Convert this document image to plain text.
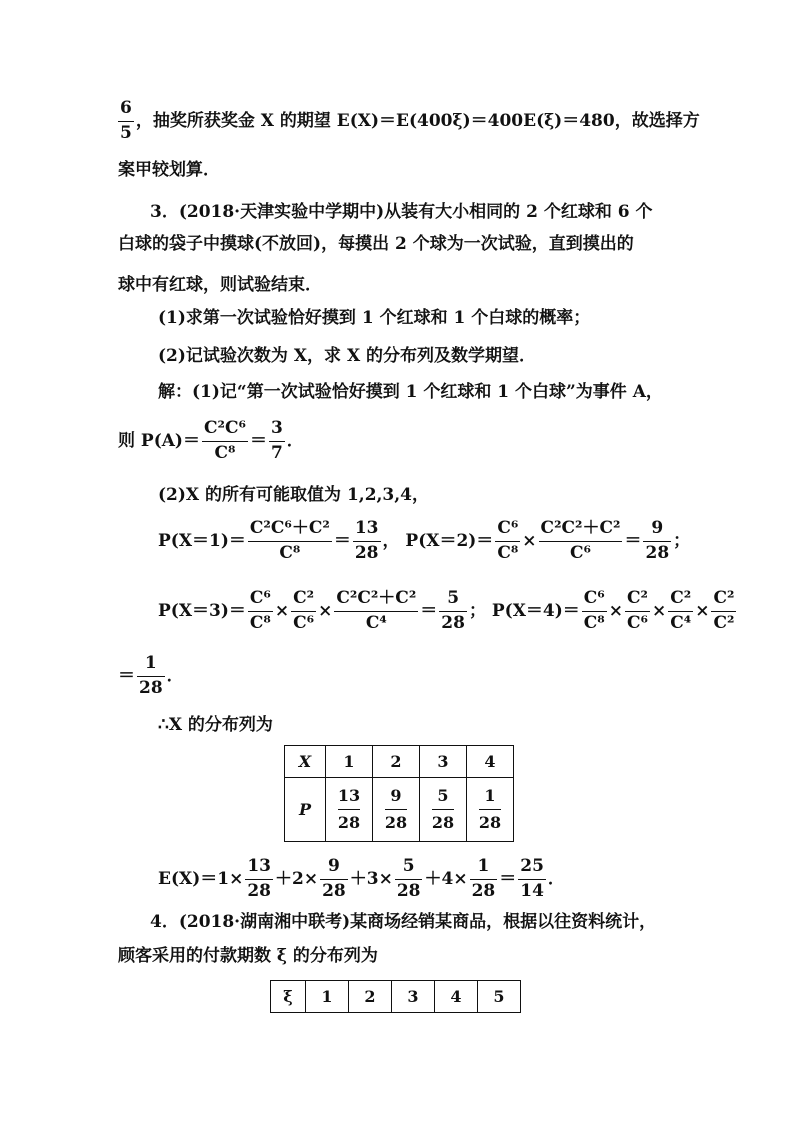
$\frac{6}{5}$ ，抽奖所获奖金 X 的期望 E(X)＝E(400ξ)＝400E(ξ)＝480，故选择方
案甲较划算．
3．(2018·天津实验中学期中)从装有大小相同的 2 个红球和 6 个
白球的袋子中摸球(不放回)，每摸出 2 个球为一次试验，直到摸出的
球中有红球，则试验结束．
(1)求第一次试验恰好摸到 1 个红球和 1 个白球的概率；
(2)记试验次数为 X，求 X 的分布列及数学期望．
解：(1)记“第一次试验恰好摸到 1 个红球和 1 个白球”为事件 A，
则 $P(A)= \frac{\text{C²C⁶}}{\text{C⁸}} = \frac{3}{7}$ ．
(2)X 的所有可能取值为 1,2,3,4，
$P(X=1)= \frac{\text{C²C⁶＋C²}}{\text{C⁸}} = \frac{13}{28}$ ， $P(X=2)= \frac{\text{C⁶}}{\text{C⁸}} \times \frac{\text{C²C²＋C²}}{\text{C⁶}} = \frac{9}{28}$ ；
$P(X=3)= \frac{\text{C⁶}}{\text{C⁸}} \times \frac{\text{C²}}{\text{C⁶}} \times \frac{\text{C²C²＋C²}}{\text{C⁴}} = \frac{5}{28}$ ； $P(X=4)= \frac{\text{C⁶}}{\text{C⁸}} \times \frac{\text{C²}}{\text{C⁶}} \times \frac{\text{C²}}{\text{C⁴}} \times \frac{\text{C²}}{\text{C²}}$
＝ $\frac{1}{28}$ ．
∴X 的分布列为
X	1	2	3	4
P	$\frac{13}{28}$	$\frac{9}{28}$	$\frac{5}{28}$	$\frac{1}{28}$
$E(X)=1\times \frac{13}{28} +2\times \frac{9}{28} +3\times \frac{5}{28} +4\times \frac{1}{28} = \frac{25}{14}$ ．
4．(2018·湖南湘中联考)某商场经销某商品，根据以往资料统计，
顾客采用的付款期数 ξ 的分布列为
ξ	1	2	3	4	5
